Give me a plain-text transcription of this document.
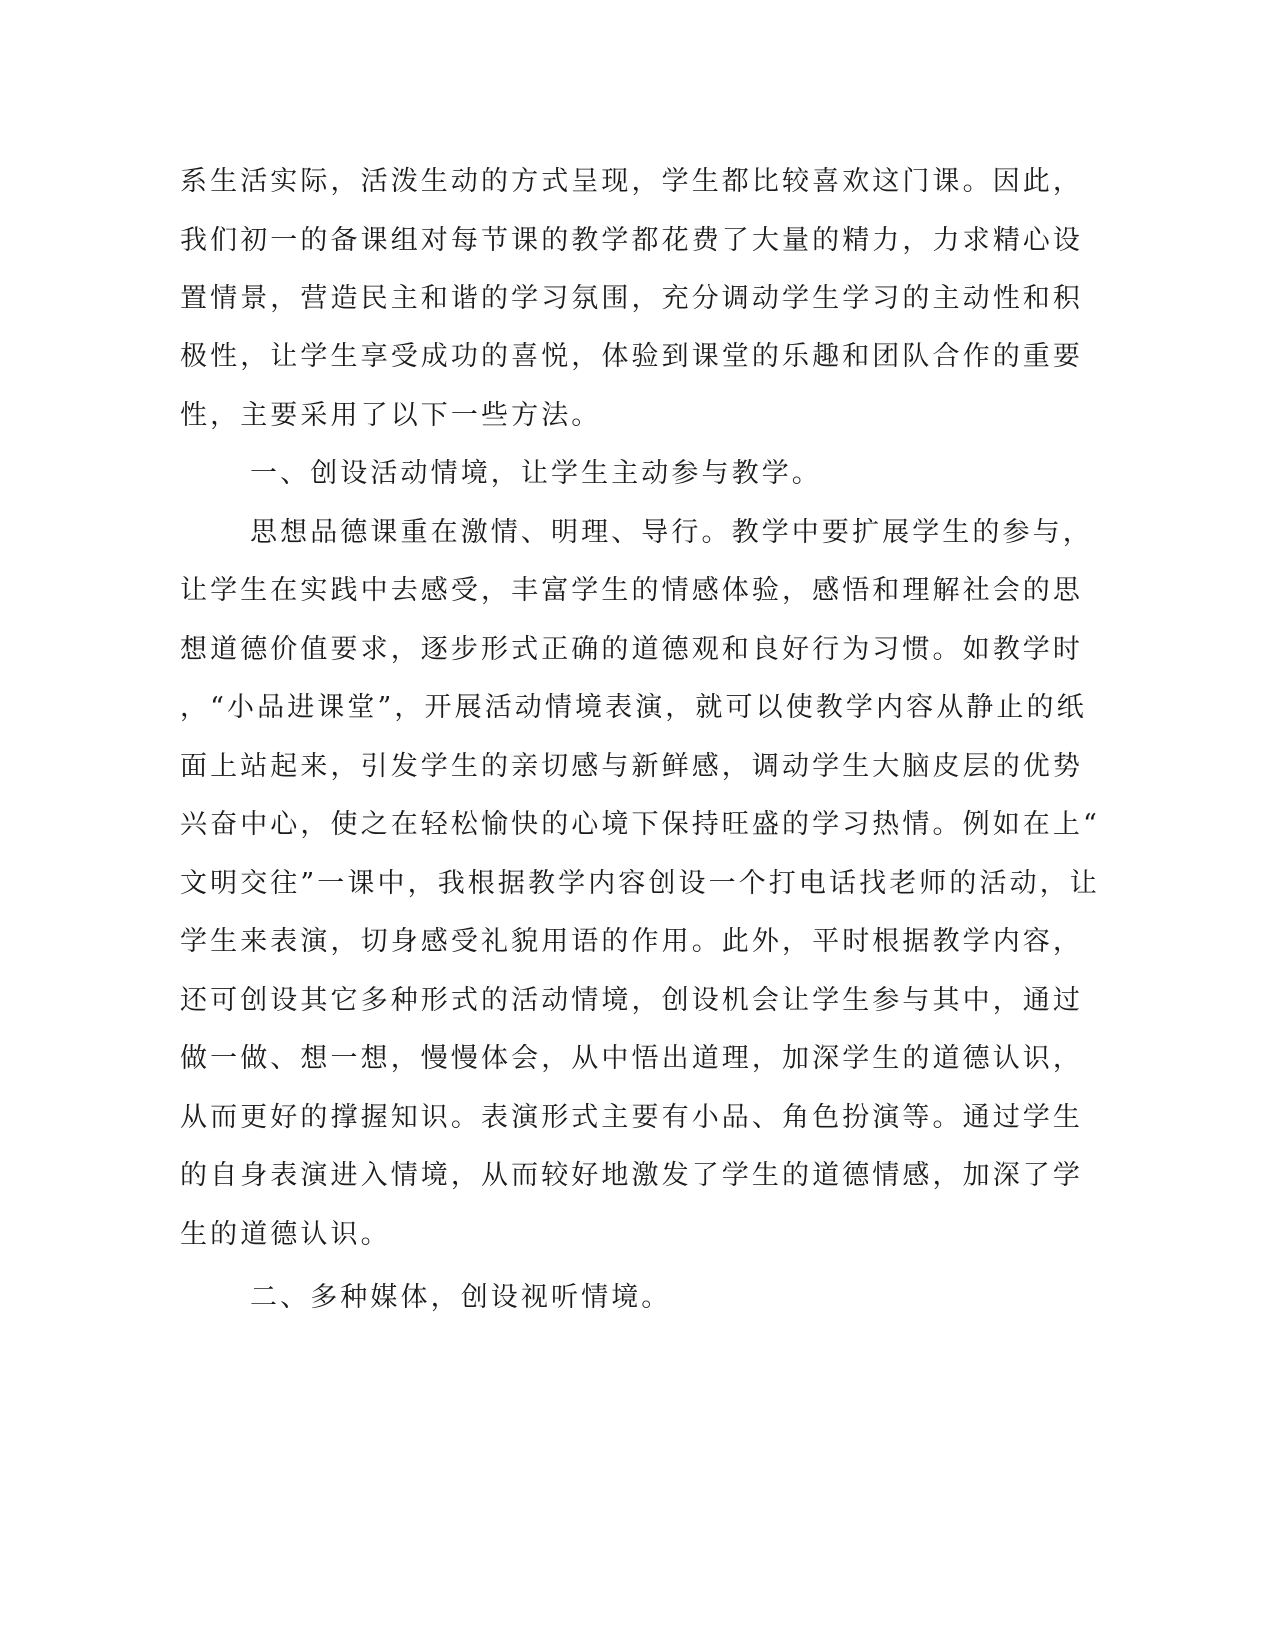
系生活实际，活泼生动的方式呈现，学生都比较喜欢这门课。因此，
我们初一的备课组对每节课的教学都花费了大量的精力，力求精心设
置情景，营造民主和谐的学习氛围，充分调动学生学习的主动性和积
极性，让学生享受成功的喜悦，体验到课堂的乐趣和团队合作的重要
性，主要采用了以下一些方法。
一、创设活动情境，让学生主动参与教学。
思想品德课重在激情、明理、导行。教学中要扩展学生的参与，
让学生在实践中去感受，丰富学生的情感体验，感悟和理解社会的思
想道德价值要求，逐步形式正确的道德观和良好行为习惯。如教学时
，“小品进课堂”，开展活动情境表演，就可以使教学内容从静止的纸
面上站起来，引发学生的亲切感与新鲜感，调动学生大脑皮层的优势
兴奋中心，使之在轻松愉快的心境下保持旺盛的学习热情。例如在上“
文明交往”一课中，我根据教学内容创设一个打电话找老师的活动，让
学生来表演，切身感受礼貌用语的作用。此外，平时根据教学内容，
还可创设其它多种形式的活动情境，创设机会让学生参与其中，通过
做一做、想一想，慢慢体会，从中悟出道理，加深学生的道德认识，
从而更好的撑握知识。表演形式主要有小品、角色扮演等。通过学生
的自身表演进入情境，从而较好地激发了学生的道德情感，加深了学
生的道德认识。
二、多种媒体，创设视听情境。
